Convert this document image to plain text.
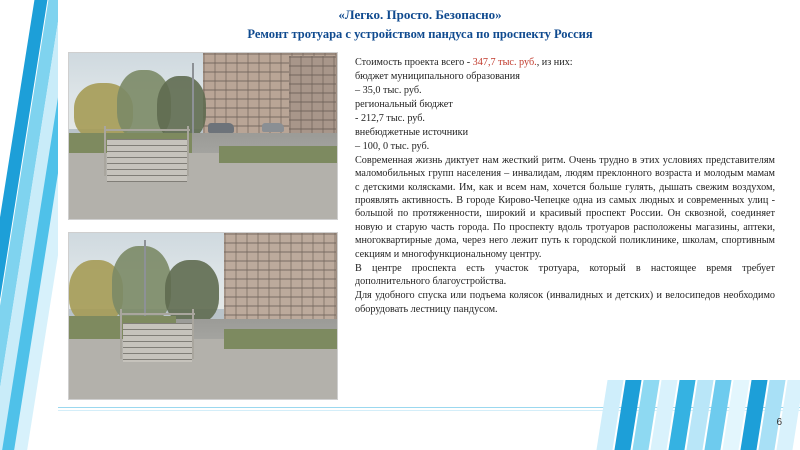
«Легко. Просто. Безопасно»
Ремонт тротуара с устройством пандуса по проспекту Россия

Стоимость проекта всего - 347,7 тыс. руб., из них:

бюджет муниципального образования

– 35,0 тыс. руб.

региональный бюджет

- 212,7 тыс. руб.

внебюджетные источники

– 100, 0 тыс. руб.

Современная жизнь диктует нам жесткий ритм. Очень трудно в этих условиях представителям маломобильных групп населения – инвалидам, людям преклонного возраста и молодым мамам с детскими колясками. Им, как и всем нам, хочется больше гулять, дышать свежим воздухом, проявлять активность. В городе Кирово-Чепецке одна из самых людных и современных улиц - большой по протяженности, широкий и красивый проспект России. Он сквозной, соединяет новую и старую часть города. По проспекту вдоль тротуаров расположены магазины, аптеки, многоквартирные дома, через него лежит путь к городской поликлинике, школам, спортивным секциям и многофункциональному центру.

В центре проспекта есть участок тротуара, который в настоящее время требует дополнительного благоустройства.

Для удобного спуска или подъема колясок (инвалидных и детских) и велосипедов необходимо оборудовать лестницу пандусом.

6
